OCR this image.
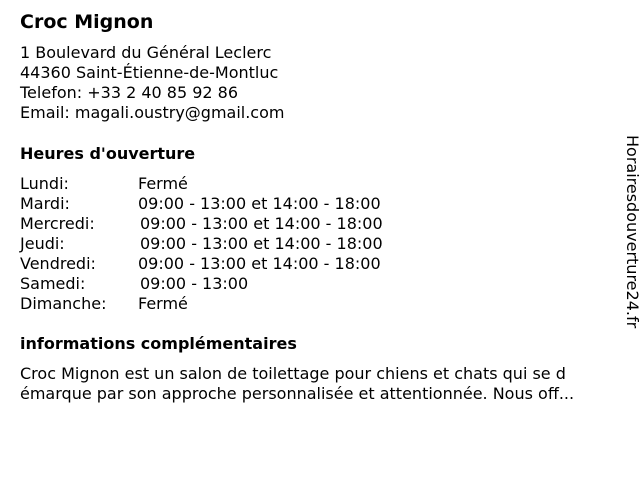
Croc Mignon
1 Boulevard du Général Leclerc
44360 Saint-Étienne-de-Montluc
Telefon: +33 2 40 85 92 86
Email: magali.oustry@gmail.com
Heures d'ouverture
Lundi:	Fermé
Mardi:	09:00 - 13:00 et 14:00 - 18:00
Mercredi:	09:00 - 13:00 et 14:00 - 18:00
Jeudi:	09:00 - 13:00 et 14:00 - 18:00
Vendredi:	09:00 - 13:00 et 14:00 - 18:00
Samedi:	09:00 - 13:00
Dimanche: Fermé
informations complémentaires
Croc Mignon est un salon de toilettage pour chiens et chats qui se d
émarque par son approche personnalisée et attentionnée. Nous off...
Horairesdouverture24.fr
